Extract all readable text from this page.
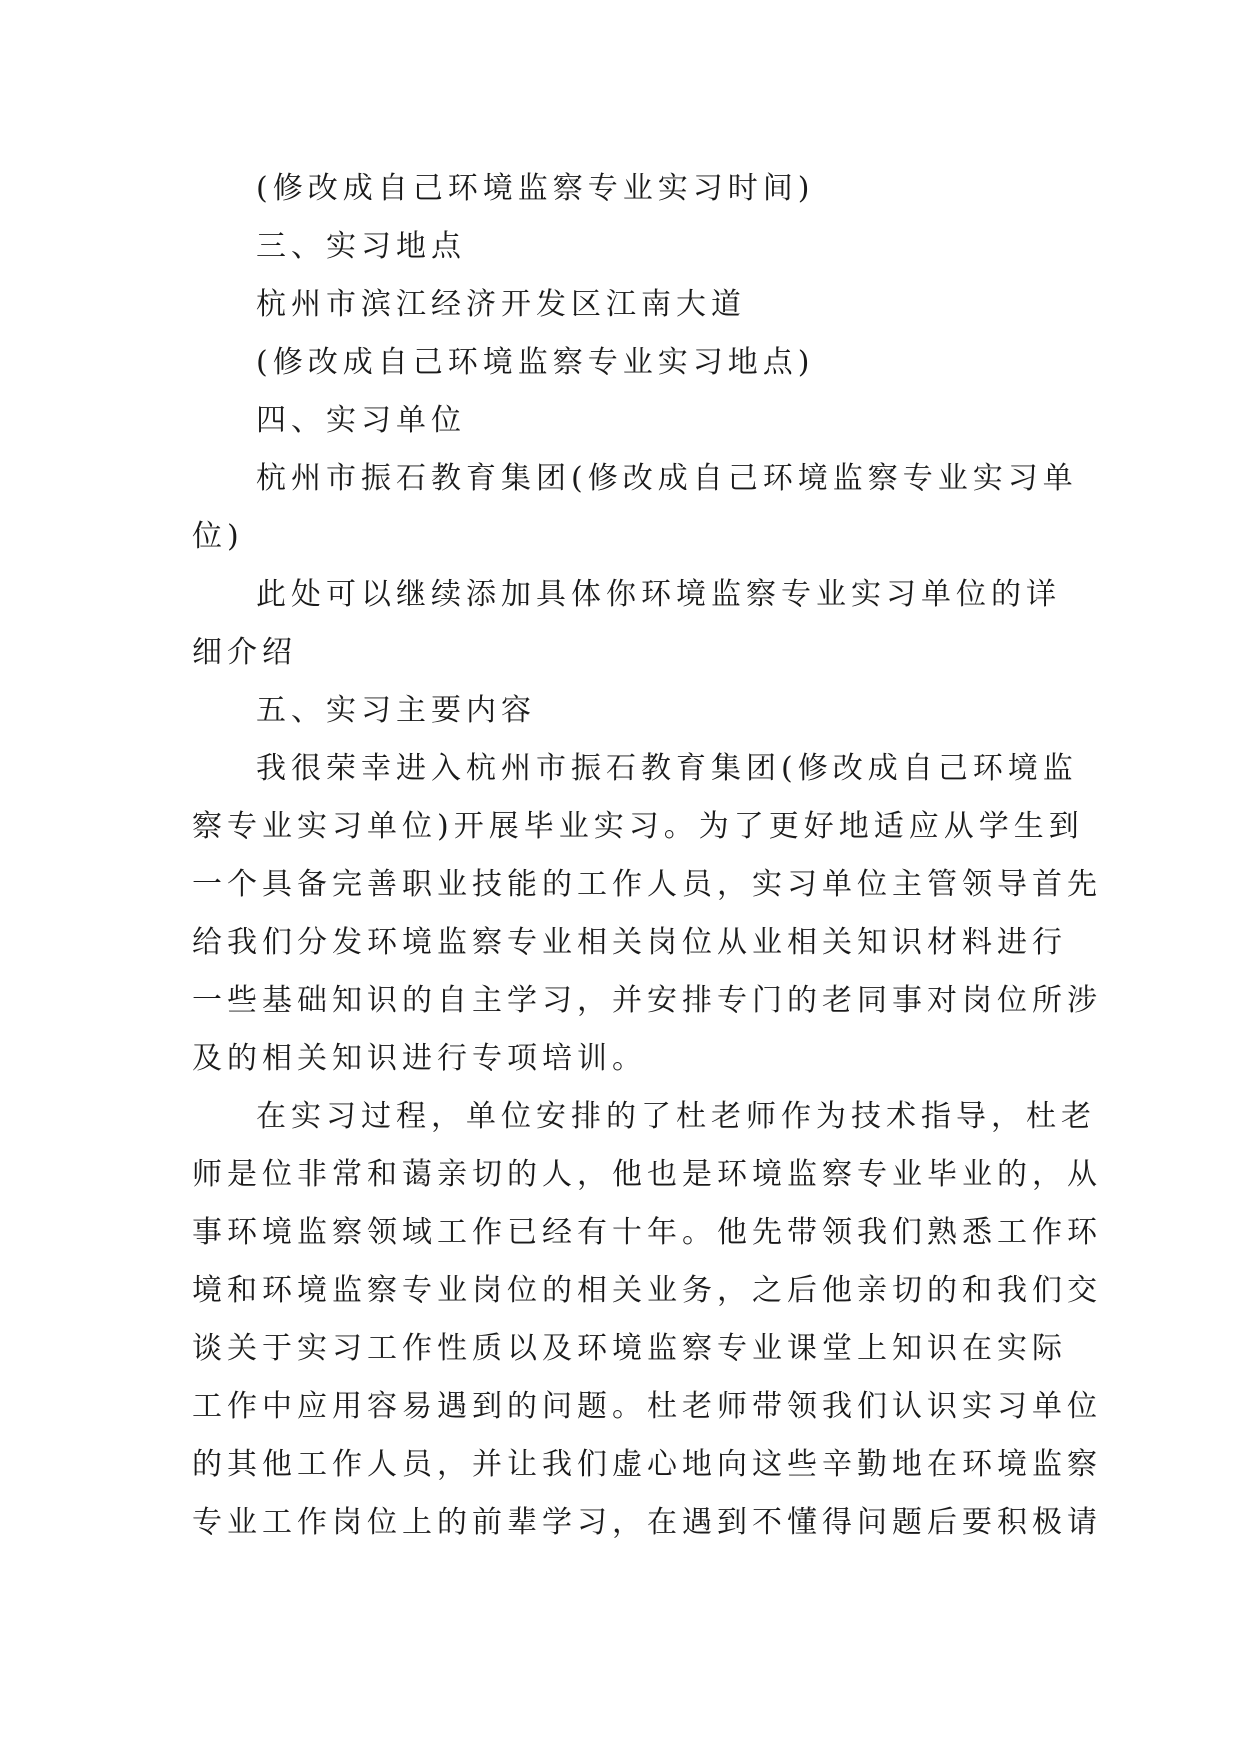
(修改成自己环境监察专业实习时间)
三、实习地点
杭州市滨江经济开发区江南大道
(修改成自己环境监察专业实习地点)
四、实习单位
杭州市振石教育集团(修改成自己环境监察专业实习单
位)
此处可以继续添加具体你环境监察专业实习单位的详
细介绍
五、实习主要内容
我很荣幸进入杭州市振石教育集团(修改成自己环境监
察专业实习单位)开展毕业实习。为了更好地适应从学生到
一个具备完善职业技能的工作人员，实习单位主管领导首先
给我们分发环境监察专业相关岗位从业相关知识材料进行
一些基础知识的自主学习，并安排专门的老同事对岗位所涉
及的相关知识进行专项培训。
在实习过程，单位安排的了杜老师作为技术指导，杜老
师是位非常和蔼亲切的人，他也是环境监察专业毕业的，从
事环境监察领域工作已经有十年。他先带领我们熟悉工作环
境和环境监察专业岗位的相关业务，之后他亲切的和我们交
谈关于实习工作性质以及环境监察专业课堂上知识在实际
工作中应用容易遇到的问题。杜老师带领我们认识实习单位
的其他工作人员，并让我们虚心地向这些辛勤地在环境监察
专业工作岗位上的前辈学习，在遇到不懂得问题后要积极请
